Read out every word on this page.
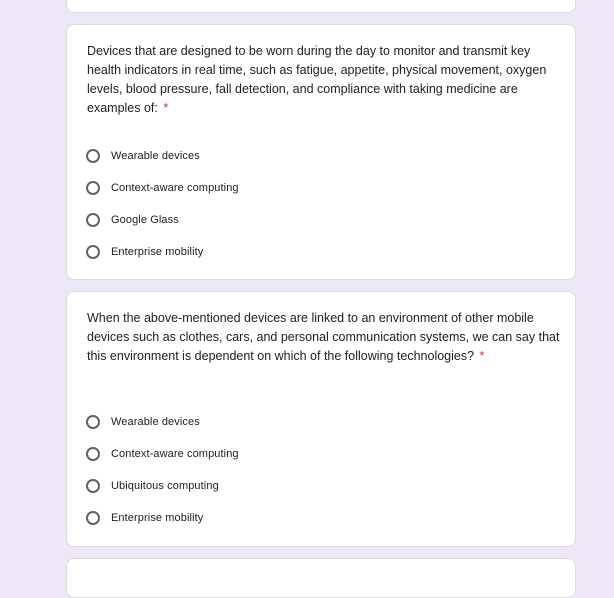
Devices that are designed to be worn during the day to monitor and transmit key health indicators in real time, such as fatigue, appetite, physical movement, oxygen levels, blood pressure, fall detection, and compliance with taking medicine are examples of: *
Wearable devices
Context-aware computing
Google Glass
Enterprise mobility
When the above-mentioned devices are linked to an environment of other mobile devices such as clothes, cars, and personal communication systems, we can say that this environment is dependent on which of the following technologies? *
Wearable devices
Context-aware computing
Ubiquitous computing
Enterprise mobility
